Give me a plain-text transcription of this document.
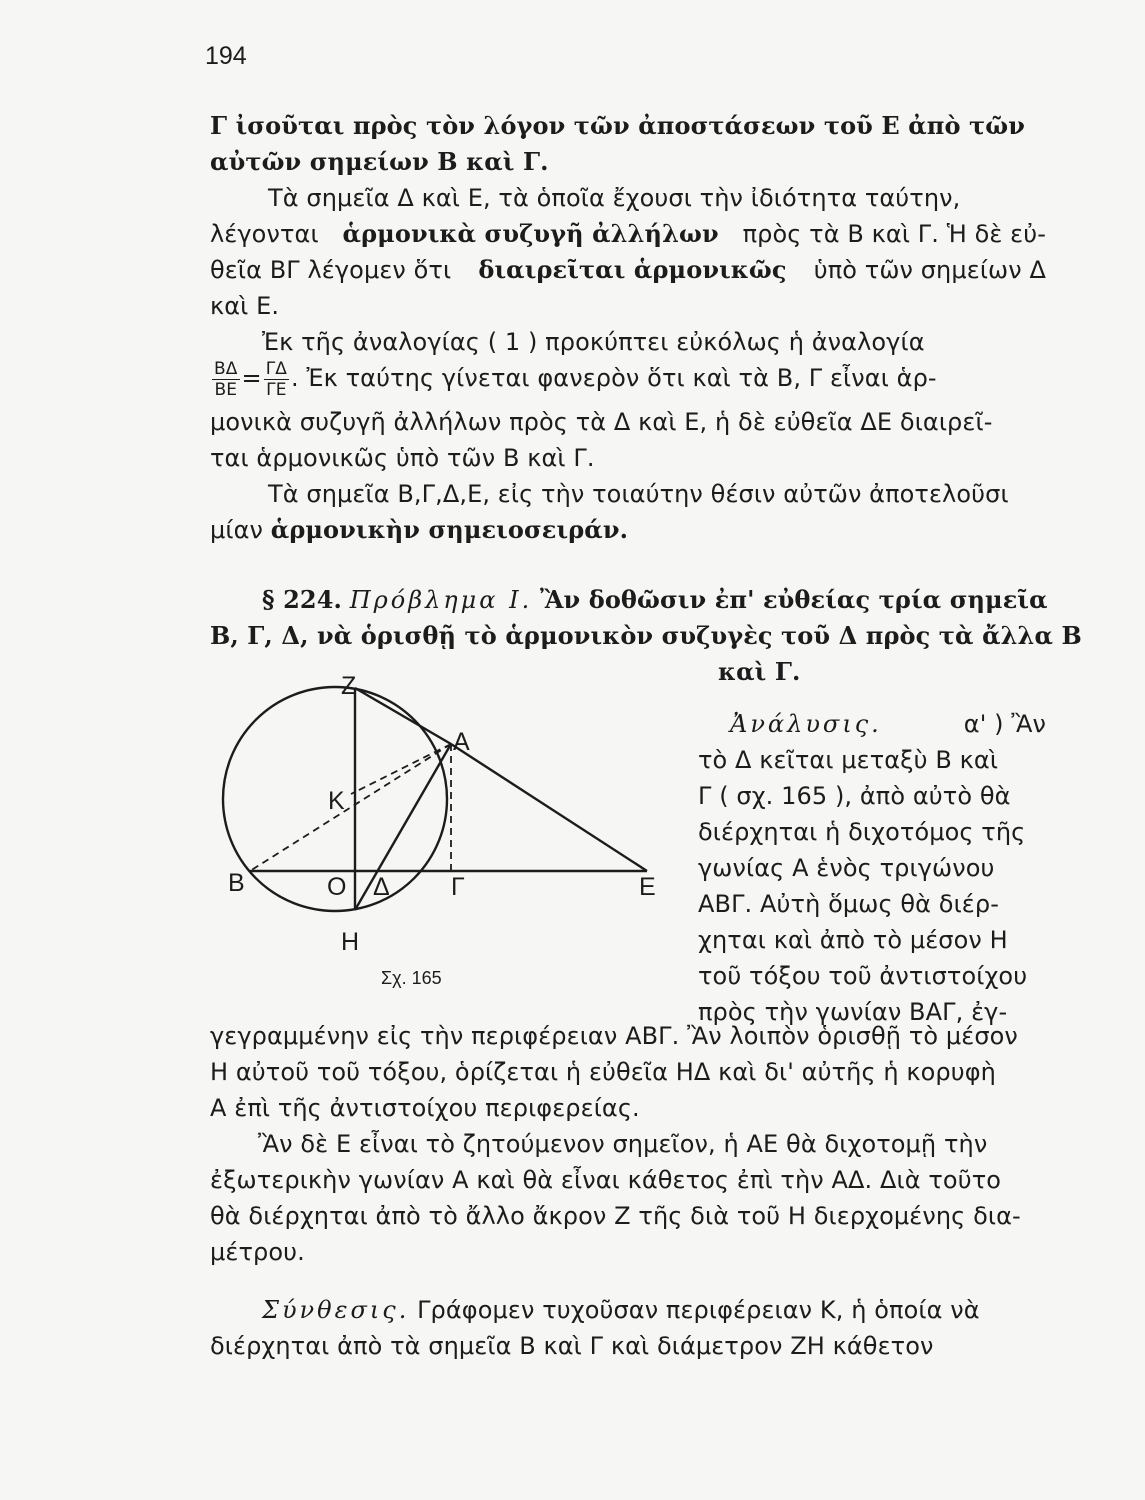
194
Γ ἰσοῦται πρὸς τὸν λόγον τῶν ἀποστάσεων τοῦ Ε ἀπὸ τῶν
αὐτῶν σημείων Β καὶ Γ.
Τὰ σημεῖα Δ καὶ Ε, τὰ ὁποῖα ἔχουσι τὴν ἰδιότητα ταύτην,
λέγονται ἁρμονικὰ συζυγῆ ἀλλήλων πρὸς τὰ Β καὶ Γ. Ἡ δὲ εὐ-
θεῖα ΒΓ λέγομεν ὅτι διαιρεῖται ἁρμονικῶς ὑπὸ τῶν σημείων Δ
καὶ Ε.
Ἐκ τῆς ἀναλογίας ( 1 ) προκύπτει εὐκόλως ἡ ἀναλογία
$\frac{B\Delta}{BE} = \frac{\Gamma\Delta}{\Gamma E}$ . Ἐκ ταύτης γίνεται φανερὸν ὅτι καὶ τὰ Β, Γ εἶναι ἁρ-
μονικὰ συζυγῆ ἀλλήλων πρὸς τὰ Δ καὶ Ε, ἡ δὲ εὐθεῖα ΔΕ διαιρεῖ-
ται ἁρμονικῶς ὑπὸ τῶν Β καὶ Γ.
Τὰ σημεῖα Β,Γ,Δ,Ε, εἰς τὴν τοιαύτην θέσιν αὐτῶν ἀποτελοῦσι
μίαν ἁρμονικὴν σημειοσειράν.
§ 224. Πρόβλημα Ι. Ἂν δοθῶσιν ἐπ' εὐθείας τρία σημεῖα
Β, Γ, Δ, νὰ ὁρισθῇ τὸ ἁρμονικὸν συζυγὲς τοῦ Δ πρὸς τὰ ἄλλα Β
καὶ Γ.
Ἀνάλυσις.	α' ) Ἂν
τὸ Δ κεῖται μεταξὺ Β καὶ
Γ ( σχ. 165 ), ἀπὸ αὐτὸ θὰ
διέρχηται ἡ διχοτόμος τῆς
γωνίας Α ἑνὸς τριγώνου
ΑΒΓ. Αὐτὴ ὅμως θὰ διέρ-
χηται καὶ ἀπὸ τὸ μέσον Η
τοῦ τόξου τοῦ ἀντιστοίχου
πρὸς τὴν γωνίαν ΒΑΓ, ἐγ-
Ζ
Α
Κ
Β	Ο Δ Γ	Ε
Η
Σχ. 165
γεγραμμένην εἰς τὴν περιφέρειαν ΑΒΓ. Ἂν λοιπὸν ὁρισθῇ τὸ μέσον
Η αὐτοῦ τοῦ τόξου, ὁρίζεται ἡ εὐθεῖα ΗΔ καὶ δι' αὐτῆς ἡ κορυφὴ
Α ἐπὶ τῆς ἀντιστοίχου περιφερείας.
Ἂν δὲ Ε εἶναι τὸ ζητούμενον σημεῖον, ἡ ΑΕ θὰ διχοτομῇ τὴν
ἐξωτερικὴν γωνίαν Α καὶ θὰ εἶναι κάθετος ἐπὶ τὴν ΑΔ. Διὰ τοῦτο
θὰ διέρχηται ἀπὸ τὸ ἄλλο ἄκρον Ζ τῆς διὰ τοῦ Η διερχομένης δια-
μέτρου.
Σύνθεσις. Γράφομεν τυχοῦσαν περιφέρειαν Κ, ἡ ὁποία νὰ
διέρχηται ἀπὸ τὰ σημεῖα Β καὶ Γ καὶ διάμετρον ΖΗ κάθετον
